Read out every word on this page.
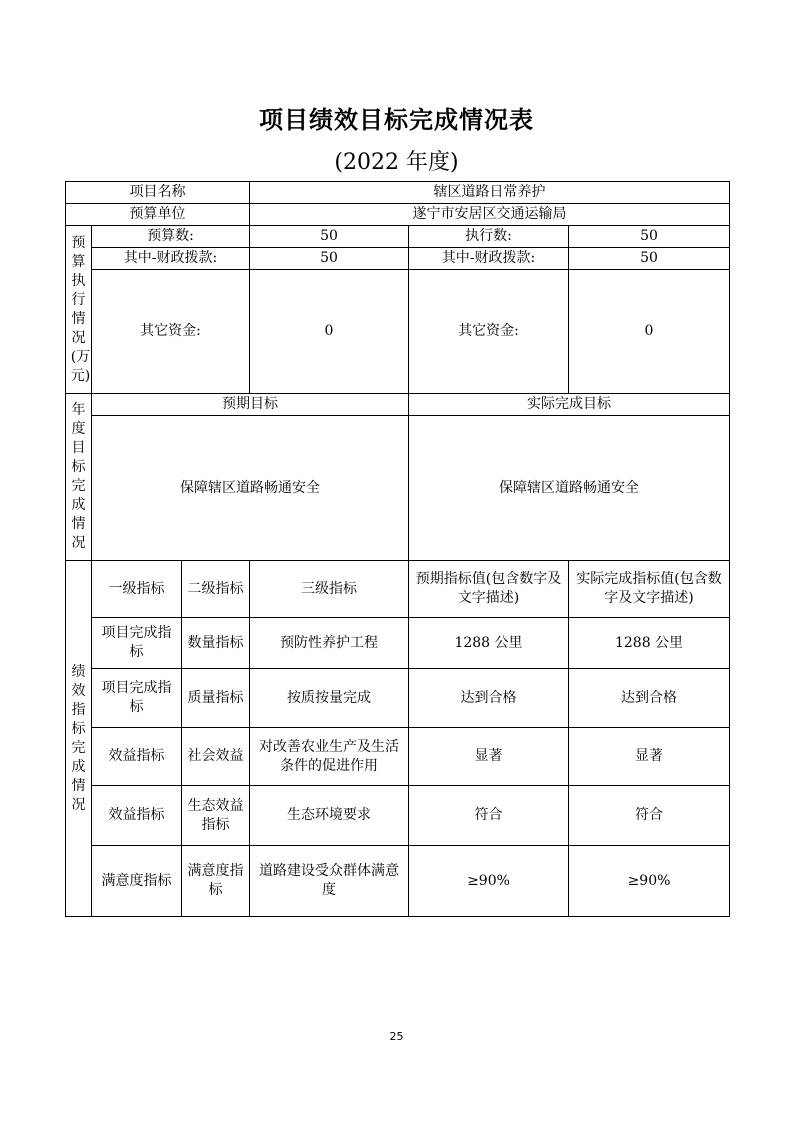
项目绩效目标完成情况表
(2022 年度)
项目名称			辖区道路日常养护		
预算单位			遂宁市安居区交通运输局		
预算执行情况(万元)	预算数:		50	执行数:	50
	其中-财政拨款:		50	其中-财政拨款:	50
	其它资金:		0	其它资金:	0
年度目标完成情况	预期目标			实际完成目标	
	保障辖区道路畅通安全			保障辖区道路畅通安全	
绩效指标完成情况	一级指标	二级指标	三级指标	预期指标值(包含数字及文字描述)	实际完成指标值(包含数字及文字描述)
	项目完成指标	数量指标	预防性养护工程	1288 公里	1288 公里
	项目完成指标	质量指标	按质按量完成	达到合格	达到合格
	效益指标	社会效益	对改善农业生产及生活条件的促进作用	显著	显著
	效益指标	生态效益指标	生态环境要求	符合	符合
	满意度指标	满意度指标	道路建设受众群体满意度	≥90%	≥90%
25
